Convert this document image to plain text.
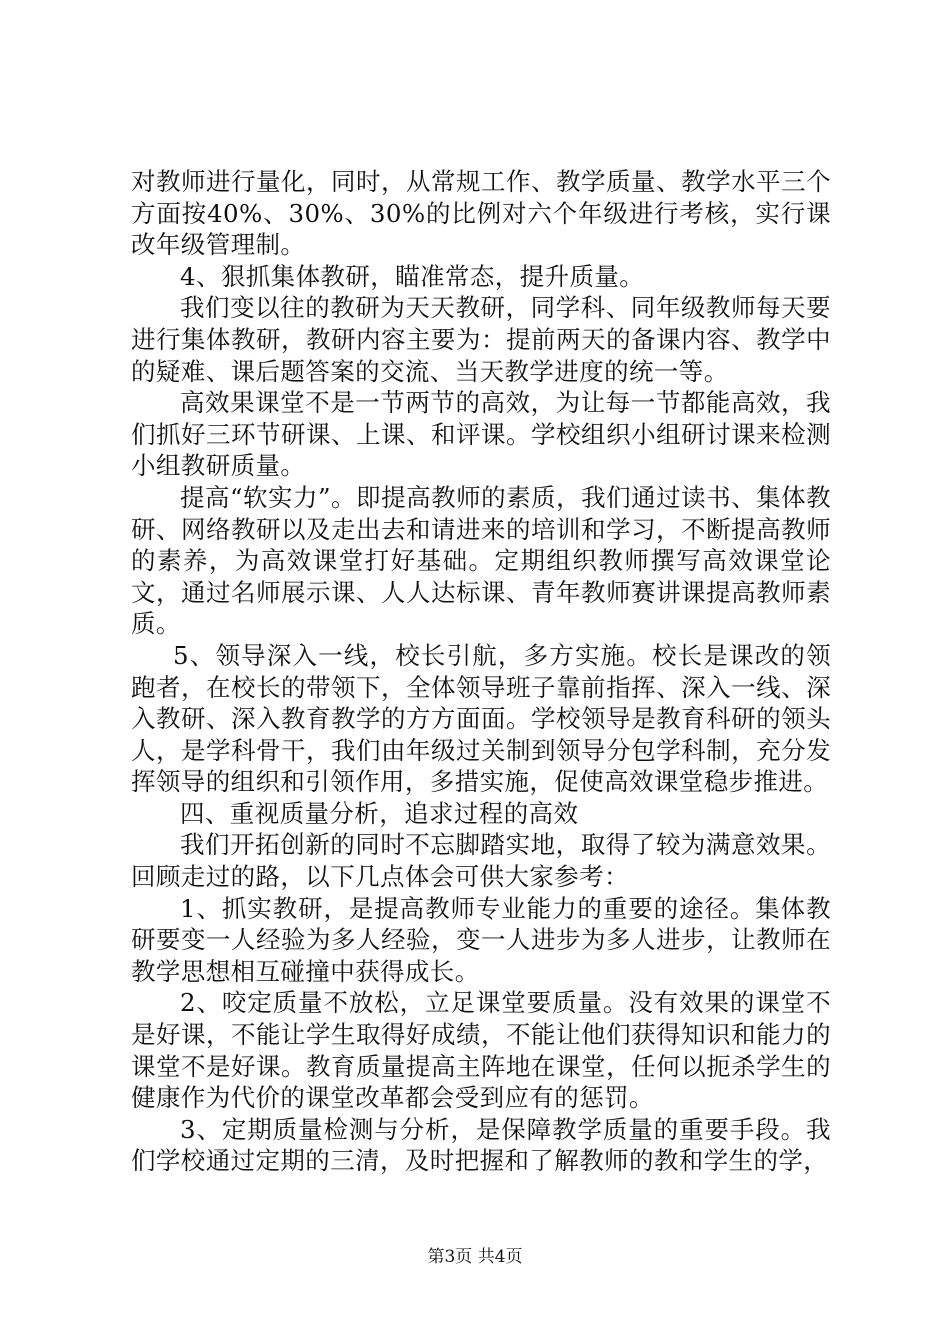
对教师进行量化，同时，从常规工作、教学质量、教学水平三个方面按40%、30%、30%的比例对六个年级进行考核，实行课改年级管理制。

4、狠抓集体教研，瞄准常态，提升质量。

我们变以往的教研为天天教研，同学科、同年级教师每天要进行集体教研，教研内容主要为：提前两天的备课内容、教学中的疑难、课后题答案的交流、当天教学进度的统一等。

高效果课堂不是一节两节的高效，为让每一节都能高效，我们抓好三环节研课、上课、和评课。学校组织小组研讨课来检测小组教研质量。

提高“软实力”。即提高教师的素质，我们通过读书、集体教研、网络教研以及走出去和请进来的培训和学习，不断提高教师的素养，为高效课堂打好基础。定期组织教师撰写高效课堂论文，通过名师展示课、人人达标课、青年教师赛讲课提高教师素质。

5、领导深入一线，校长引航，多方实施。校长是课改的领跑者，在校长的带领下，全体领导班子靠前指挥、深入一线、深入教研、深入教育教学的方方面面。学校领导是教育科研的领头人，是学科骨干，我们由年级过关制到领导分包学科制，充分发挥领导的组织和引领作用，多措实施，促使高效课堂稳步推进。

四、重视质量分析，追求过程的高效

我们开拓创新的同时不忘脚踏实地，取得了较为满意效果。回顾走过的路，以下几点体会可供大家参考：

1、抓实教研，是提高教师专业能力的重要的途径。集体教研要变一人经验为多人经验，变一人进步为多人进步，让教师在教学思想相互碰撞中获得成长。

2、咬定质量不放松，立足课堂要质量。没有效果的课堂不是好课，不能让学生取得好成绩，不能让他们获得知识和能力的课堂不是好课。教育质量提高主阵地在课堂，任何以扼杀学生的健康作为代价的课堂改革都会受到应有的惩罚。

3、定期质量检测与分析，是保障教学质量的重要手段。我们学校通过定期的三清，及时把握和了解教师的教和学生的学，

第3页 共4页
